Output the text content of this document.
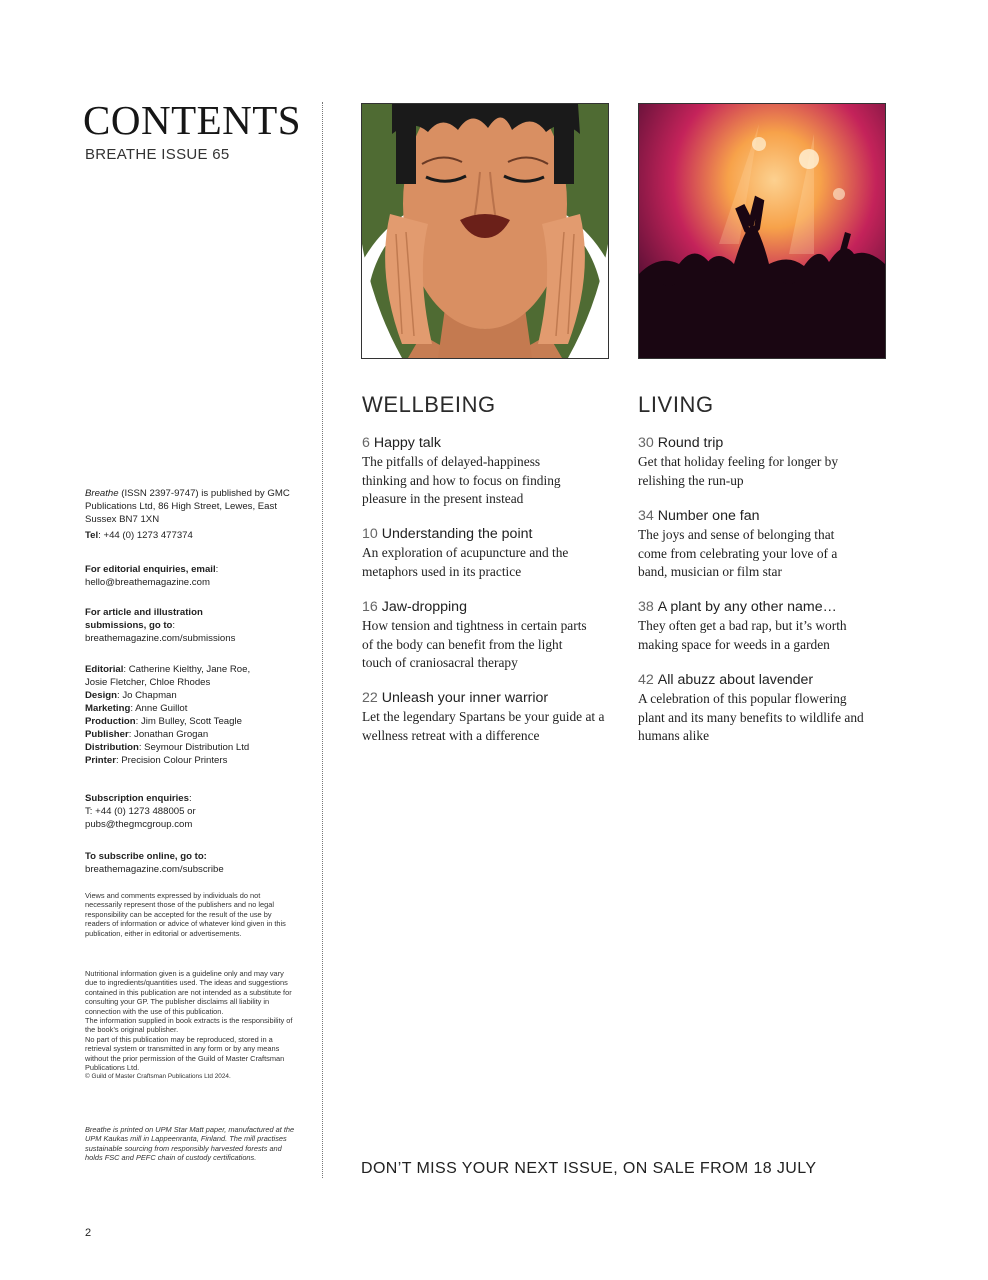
CONTENTS
BREATHE ISSUE 65

Breathe (ISSN 2397-9747) is published by GMC Publications Ltd, 86 High Street, Lewes, East Sussex BN7 1XN

Tel: +44 (0) 1273 477374

For editorial enquiries, email:

hello@breathemagazine.com

For article and illustration submissions, go to:

breathemagazine.com/submissions

Editorial: Catherine Kielthy, Jane Roe, Josie Fletcher, Chloe Rhodes
Design: Jo Chapman
Marketing: Anne Guillot
Production: Jim Bulley, Scott Teagle
Publisher: Jonathan Grogan
Distribution: Seymour Distribution Ltd
Printer: Precision Colour Printers

Subscription enquiries:

T: +44 (0) 1273 488005 or pubs@thegmcgroup.com

To subscribe online, go to:

breathemagazine.com/subscribe

Views and comments expressed by individuals do not necessarily represent those of the publishers and no legal responsibility can be accepted for the result of the use by readers of information or advice of whatever kind given in this publication, either in editorial or advertisements.

Nutritional information given is a guideline only and may vary due to ingredients/quantities used. The ideas and suggestions contained in this publication are not intended as a substitute for consulting your GP. The publisher disclaims all liability in connection with the use of this publication.

The information supplied in book extracts is the responsibility of the book’s original publisher.

No part of this publication may be reproduced, stored in a retrieval system or transmitted in any form or by any means without the prior permission of the Guild of Master Craftsman Publications Ltd.

© Guild of Master Craftsman Publications Ltd 2024.

Breathe is printed on UPM Star Matt paper, manufactured at the UPM Kaukas mill in Lappeenranta, Finland. The mill practises sustainable sourcing from responsibly harvested forests and holds FSC and PEFC chain of custody certifications.

WELLBEING	LIVING
6 Happy talk
The pitfalls of delayed-happiness thinking and how to focus on finding pleasure in the present instead
10 Understanding the point
An exploration of acupuncture and the metaphors used in its practice
16 Jaw-dropping
How tension and tightness in certain parts of the body can benefit from the light touch of craniosacral therapy
22 Unleash your inner warrior
Let the legendary Spartans be your guide at a wellness retreat with a difference
30 Round trip
Get that holiday feeling for longer by relishing the run-up
34 Number one fan
The joys and sense of belonging that come from celebrating your love of a band, musician or film star
38 A plant by any other name…
They often get a bad rap, but it’s worth making space for weeds in a garden
42 All abuzz about lavender
A celebration of this popular flowering plant and its many benefits to wildlife and humans alike
DON’T MISS YOUR NEXT ISSUE, ON SALE FROM 18 JULY
2
